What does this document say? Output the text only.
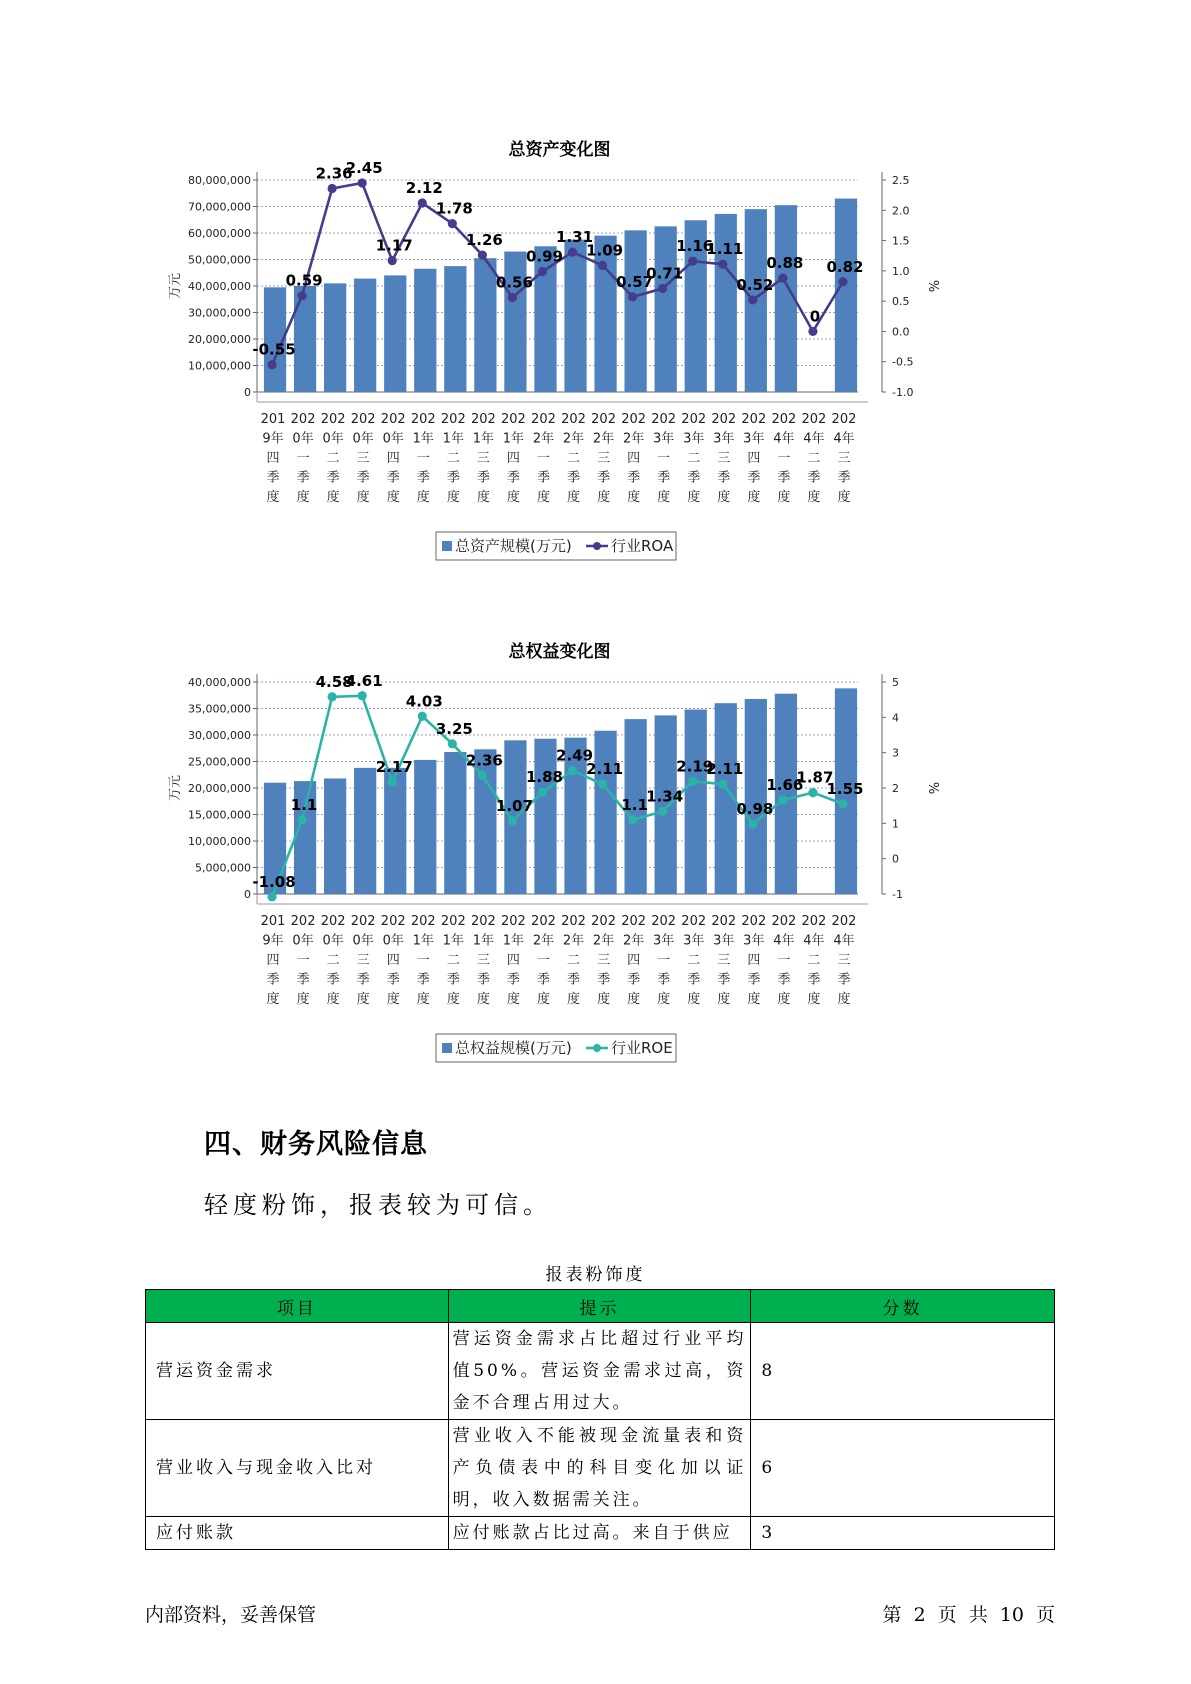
总资产变化图
0
10,000,000
20,000,000
30,000,000
40,000,000
50,000,000
60,000,000
70,000,000
80,000,000
-1.0
-0.5
0.0
0.5
1.0
1.5
2.0
2.5
万元	%
-0.55
0.59
2.36
2.45
1.17
2.12
1.78
1.26
0.56
0.99
1.31
1.09
0.57
0.71
1.16
1.11
0.52
0.88
0
0.82
201
9年
四
季
度
202
0年
一
季
度
202
0年
二
季
度
202
0年
三
季
度
202
0年
四
季
度
202
1年
一
季
度
202
1年
二
季
度
202
1年
三
季
度
202
1年
四
季
度
202
2年
一
季
度
202
2年
二
季
度
202
2年
三
季
度
202
2年
四
季
度
202
3年
一
季
度
202
3年
二
季
度
202
3年
三
季
度
202
3年
四
季
度
202
4年
一
季
度
202
4年
二
季
度
202
4年
三
季
度
总资产规模(万元)	行业ROA
总权益变化图
0
5,000,000
10,000,000
15,000,000
20,000,000
25,000,000
30,000,000
35,000,000
40,000,000
-1
0
1
2
3
4
5
万元	%
-1.08
1.1
4.58
4.61
2.17
4.03
3.25
2.36
1.07
1.88
2.49
2.11
1.1
1.34
2.19
2.11
0.98
1.66
1.87
1.55
201
9年
四
季
度
202
0年
一
季
度
202
0年
二
季
度
202
0年
三
季
度
202
0年
四
季
度
202
1年
一
季
度
202
1年
二
季
度
202
1年
三
季
度
202
1年
四
季
度
202
2年
一
季
度
202
2年
二
季
度
202
2年
三
季
度
202
2年
四
季
度
202
3年
一
季
度
202
3年
二
季
度
202
3年
三
季
度
202
3年
四
季
度
202
4年
一
季
度
202
4年
二
季
度
202
4年
三
季
度
总权益规模(万元)	行业ROE
四、财务风险信息
轻度粉饰，报表较为可信。
报表粉饰度
项目	提示	分数
营运资金需求	营运资金需求占比超过行业平均值50%。营运资金需求过高，资金不合理占用过大。	8
营业收入与现金收入比对	营业收入不能被现金流量表和资产负债表中的科目变化加以证明，收入数据需关注。	6
应付账款	应付账款占比过高。来自于供应	3
内部资料，妥善保管	第 2 页 共 10 页
